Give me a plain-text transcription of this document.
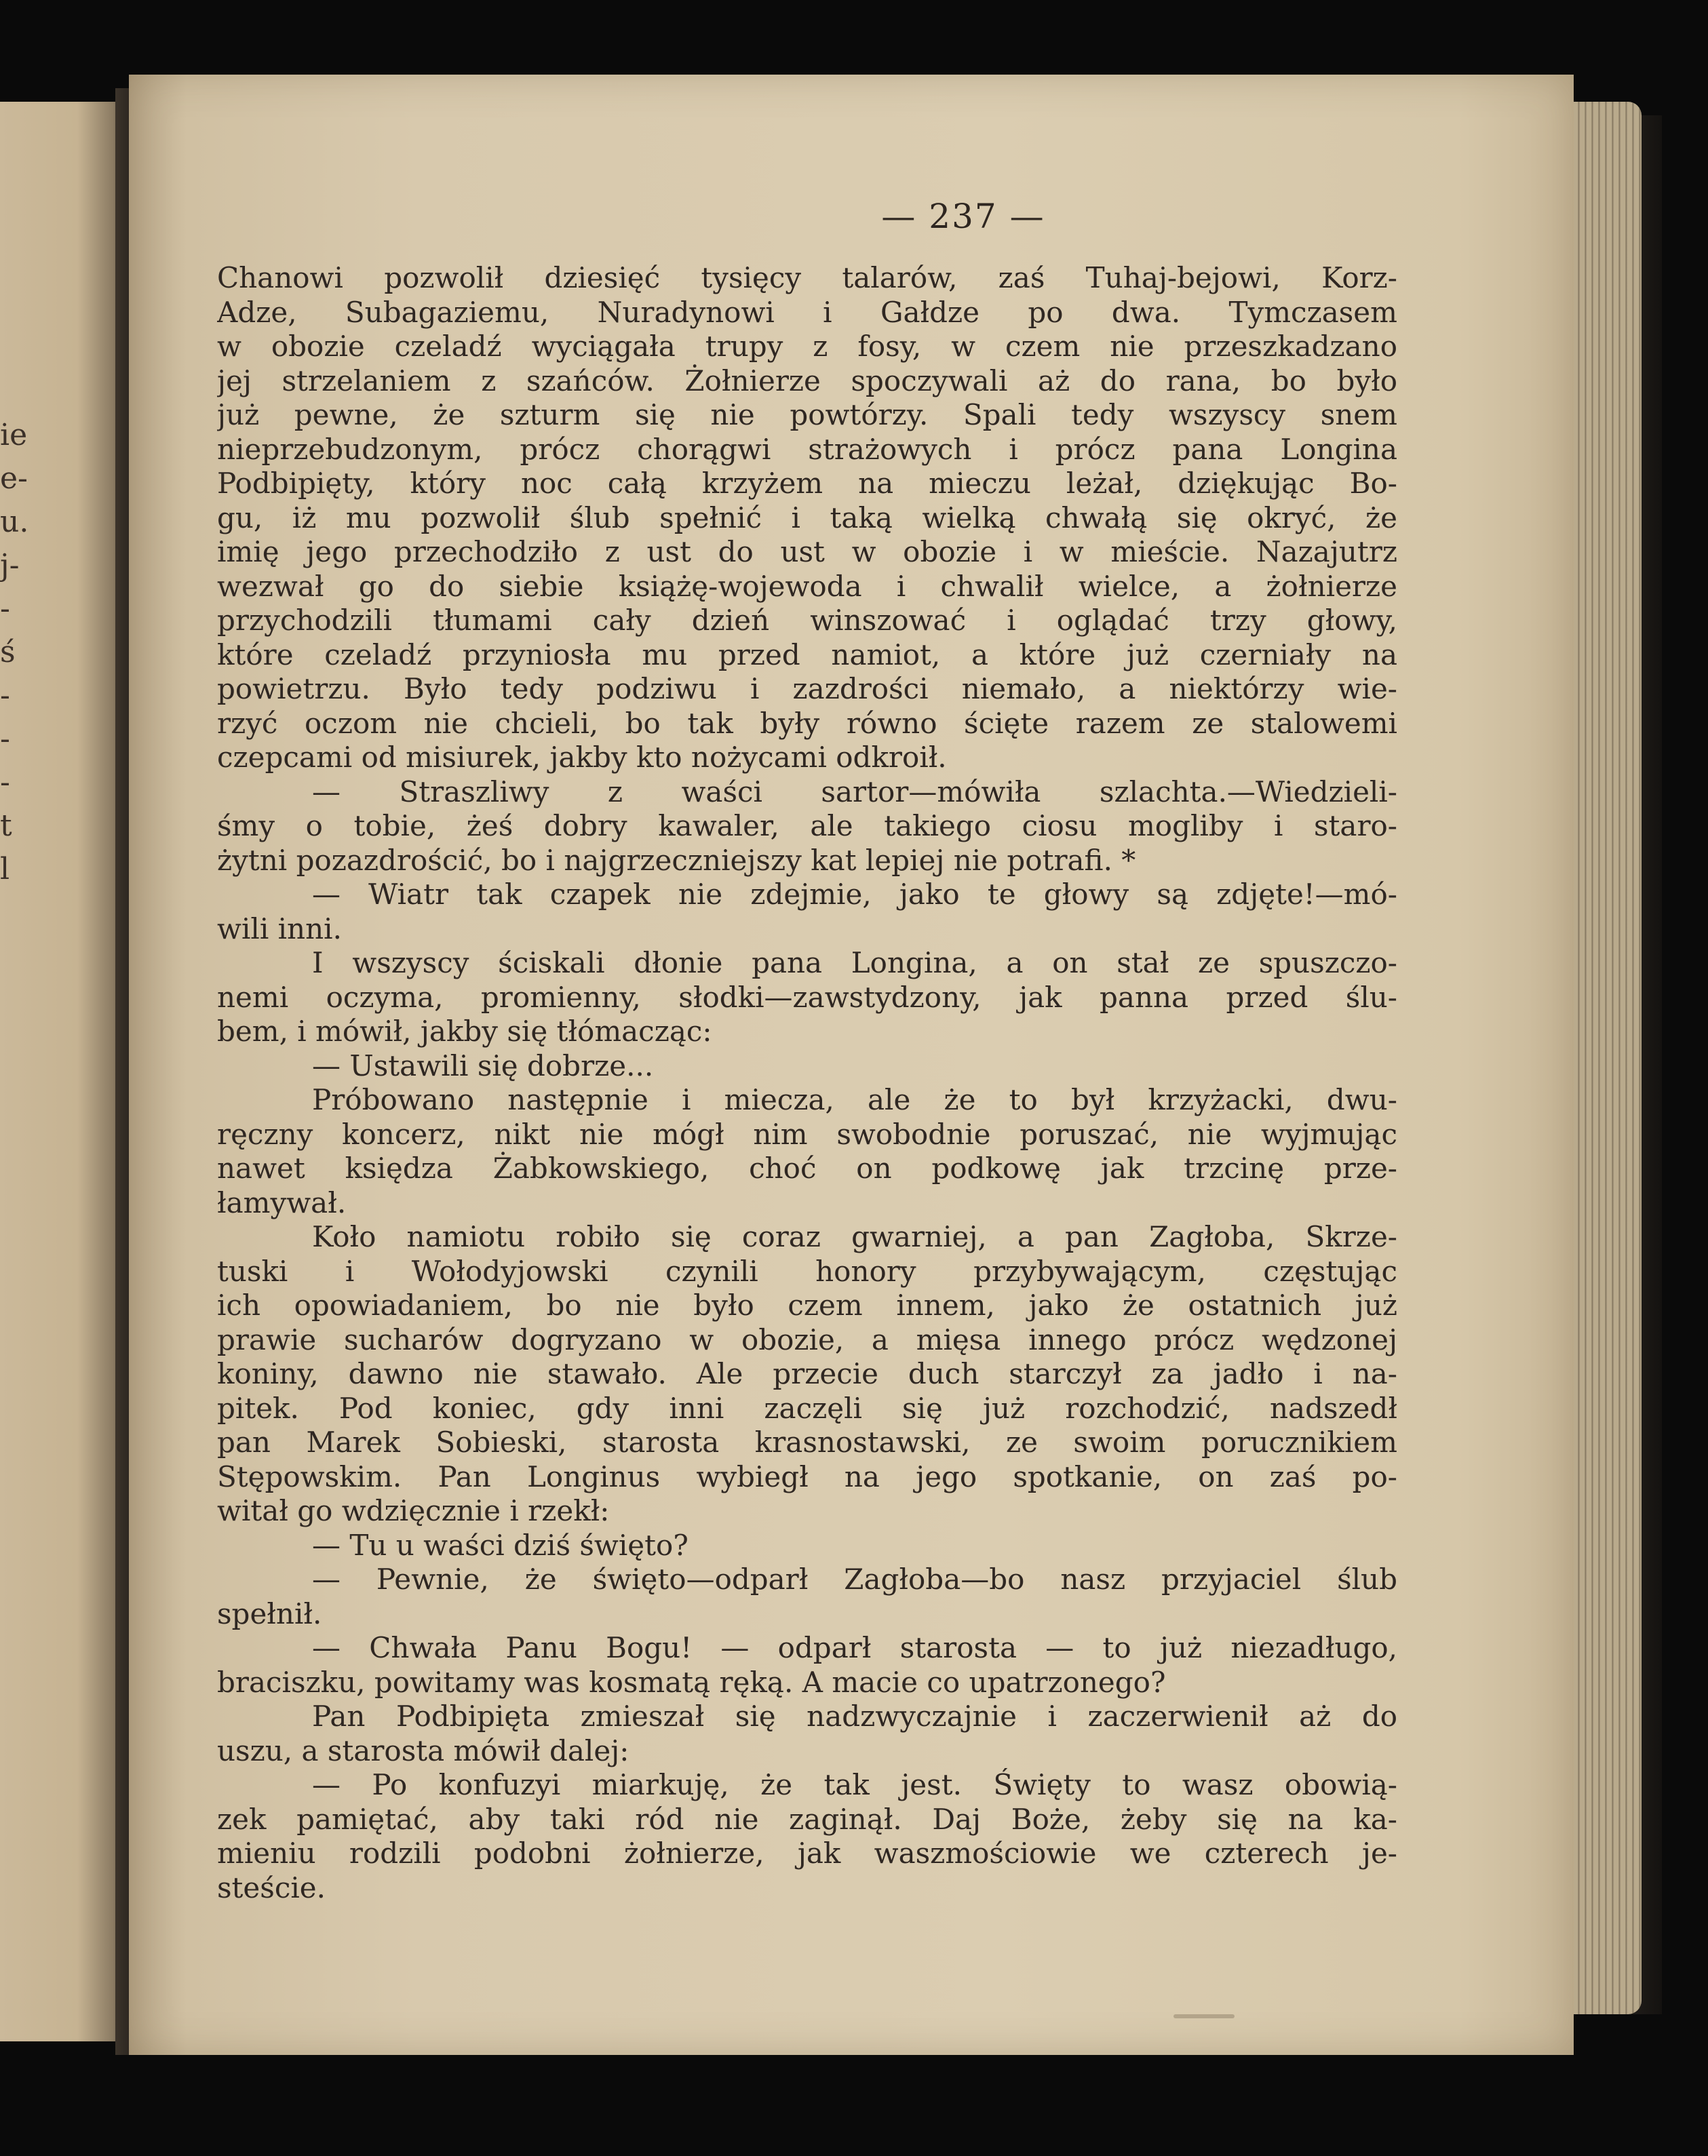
ie
e-
u.
j-
-
ś
-
-
-
t
l
— 237 —
Chanowi pozwolił dziesięć tysięcy talarów, zaś Tuhaj-bejowi, Korz-
Adze, Subagaziemu, Nuradynowi i Gałdze po dwa. Tymczasem
w obozie czeladź wyciągała trupy z fosy, w czem nie przeszkadzano
jej strzelaniem z szańców. Żołnierze spoczywali aż do rana, bo było
już pewne, że szturm się nie powtórzy. Spali tedy wszyscy snem
nieprzebudzonym, prócz chorągwi strażowych i prócz pana Longina
Podbipięty, który noc całą krzyżem na mieczu leżał, dziękując Bo-
gu, iż mu pozwolił ślub spełnić i taką wielką chwałą się okryć, że
imię jego przechodziło z ust do ust w obozie i w mieście. Nazajutrz
wezwał go do siebie książę-wojewoda i chwalił wielce, a żołnierze
przychodzili tłumami cały dzień winszować i oglądać trzy głowy,
które czeladź przyniosła mu przed namiot, a które już czerniały na
powietrzu. Było tedy podziwu i zazdrości niemało, a niektórzy wie-
rzyć oczom nie chcieli, bo tak były równo ścięte razem ze stalowemi
czepcami od misiurek, jakby kto nożycami odkroił.
— Straszliwy z waści sartor—mówiła szlachta.—Wiedzieli-
śmy o tobie, żeś dobry kawaler, ale takiego ciosu mogliby i staro-
żytni pozazdrościć, bo i najgrzeczniejszy kat lepiej nie potrafi. *
— Wiatr tak czapek nie zdejmie, jako te głowy są zdjęte!—mó-
wili inni.
I wszyscy ściskali dłonie pana Longina, a on stał ze spuszczo-
nemi oczyma, promienny, słodki—zawstydzony, jak panna przed ślu-
bem, i mówił, jakby się tłómacząc:
— Ustawili się dobrze...
Próbowano następnie i miecza, ale że to był krzyżacki, dwu-
ręczny koncerz, nikt nie mógł nim swobodnie poruszać, nie wyjmując
nawet księdza Żabkowskiego, choć on podkowę jak trzcinę prze-
łamywał.
Koło namiotu robiło się coraz gwarniej, a pan Zagłoba, Skrze-
tuski i Wołodyjowski czynili honory przybywającym, częstując
ich opowiadaniem, bo nie było czem innem, jako że ostatnich już
prawie sucharów dogryzano w obozie, a mięsa innego prócz wędzonej
koniny, dawno nie stawało. Ale przecie duch starczył za jadło i na-
pitek. Pod koniec, gdy inni zaczęli się już rozchodzić, nadszedł
pan Marek Sobieski, starosta krasnostawski, ze swoim porucznikiem
Stępowskim. Pan Longinus wybiegł na jego spotkanie, on zaś po-
witał go wdzięcznie i rzekł:
— Tu u waści dziś święto?
— Pewnie, że święto—odparł Zagłoba—bo nasz przyjaciel ślub
spełnił.
— Chwała Panu Bogu! — odparł starosta — to już niezadługo,
braciszku, powitamy was kosmatą ręką. A macie co upatrzonego?
Pan Podbipięta zmieszał się nadzwyczajnie i zaczerwienił aż do
uszu, a starosta mówił dalej:
— Po konfuzyi miarkuję, że tak jest. Święty to wasz obowią-
zek pamiętać, aby taki ród nie zaginął. Daj Boże, żeby się na ka-
mieniu rodzili podobni żołnierze, jak waszmościowie we czterech je-
steście.
